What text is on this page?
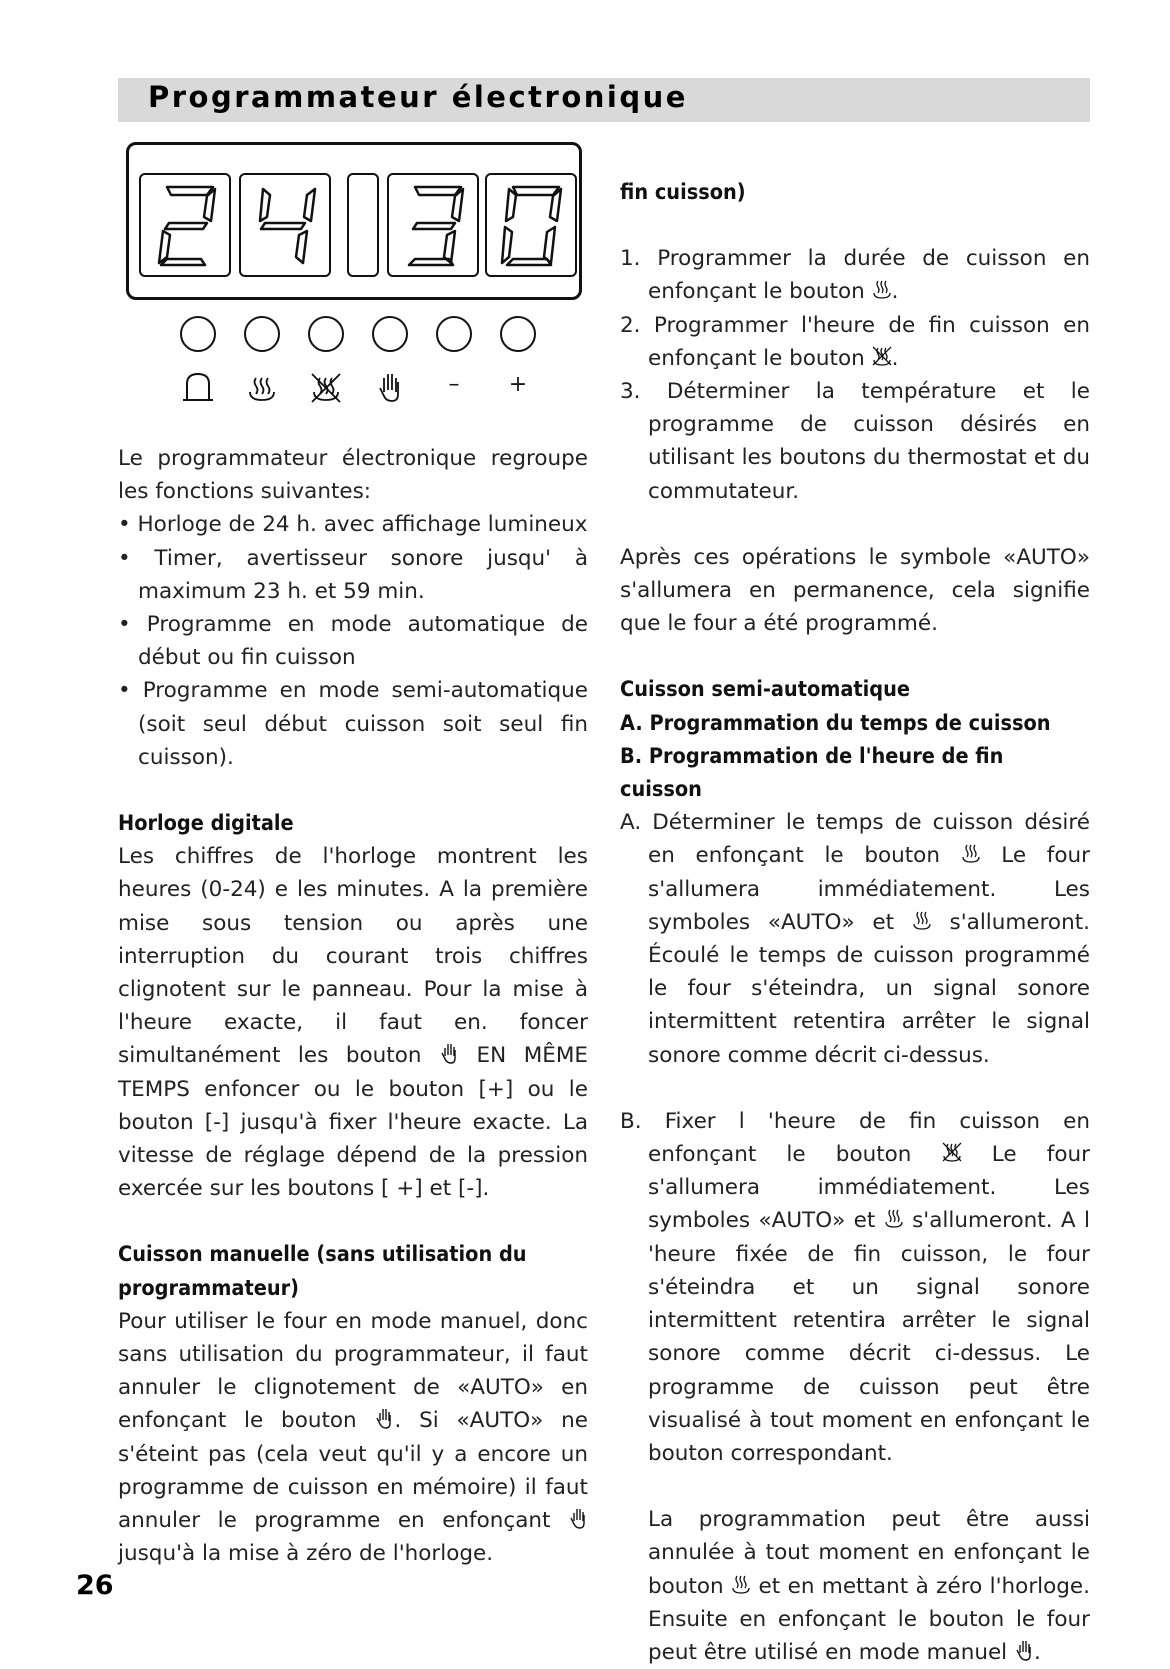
Programmateur électronique
–	+

Le programmateur électronique regroupe les fonctions suivantes:

• Horloge de 24 h. avec affichage lumineux

• Timer, avertisseur sonore jusqu' à maximum 23 h. et 59 min.

• Programme en mode automatique de début ou fin cuisson

• Programme en mode semi-automatique (soit seul début cuisson soit seul fin cuisson).

Horloge digitale

Les chiffres de l'horloge montrent les heures (0-24) e les minutes. A la première mise sous tension ou après une interruption du courant trois chiffres clignotent sur le panneau. Pour la mise à l'heure exacte, il faut en. foncer simultanément les bouton	EN MÊME TEMPS enfoncer ou le bouton [+] ou le bouton [-] jusqu'à fixer l'heure exacte. La vitesse de réglage dépend de la pression exercée sur les boutons [ +] et [-].

Cuisson manuelle (sans utilisation du programmateur)

Pour utiliser le four en mode manuel, donc sans utilisation du programmateur, il faut annuler le clignotement de «AUTO» en enfonçant le bouton . Si «AUTO» ne s'éteint pas (cela veut qu'il y a encore un programme de cuisson en mémoire) il faut annuler le programme en enfonçant  jusqu'à la mise à zéro de l'horloge.

fin cuisson)

1. Programmer la durée de cuisson en enfonçant le bouton .

2. Programmer l'heure de fin cuisson en enfonçant le bouton .

3. Déterminer la température et le programme de cuisson désirés en utilisant les boutons du thermostat et du commutateur.

Après ces opérations le symbole «AUTO» s'allumera en permanence, cela signifie que le four a été programmé.

Cuisson semi-automatique

A. Programmation du temps de cuisson

B. Programmation de l'heure de fin cuisson

A. Déterminer le temps de cuisson désiré en enfonçant le bouton	Le four s'allumera immédiatement. Les symboles «AUTO» et	s'allumeront. Écoulé le temps de cuisson programmé le four s'éteindra, un signal sonore intermittent retentira arrêter le signal sonore comme décrit ci-dessus.

B. Fixer l 'heure de fin cuisson en enfonçant le bouton	Le four s'allumera immédiatement. Les symboles «AUTO» et s'allumeront. A l 'heure fixée de fin cuisson, le four s'éteindra et un signal sonore intermittent retentira arrêter le signal sonore comme décrit ci-dessus. Le programme de cuisson peut être visualisé à tout moment en enfonçant le bouton correspondant.

La programmation peut être aussi annulée à tout moment en enfonçant le bouton et en mettant à zéro l'horloge. Ensuite en enfonçant le bouton le four peut être utilisé en mode manuel .

26
